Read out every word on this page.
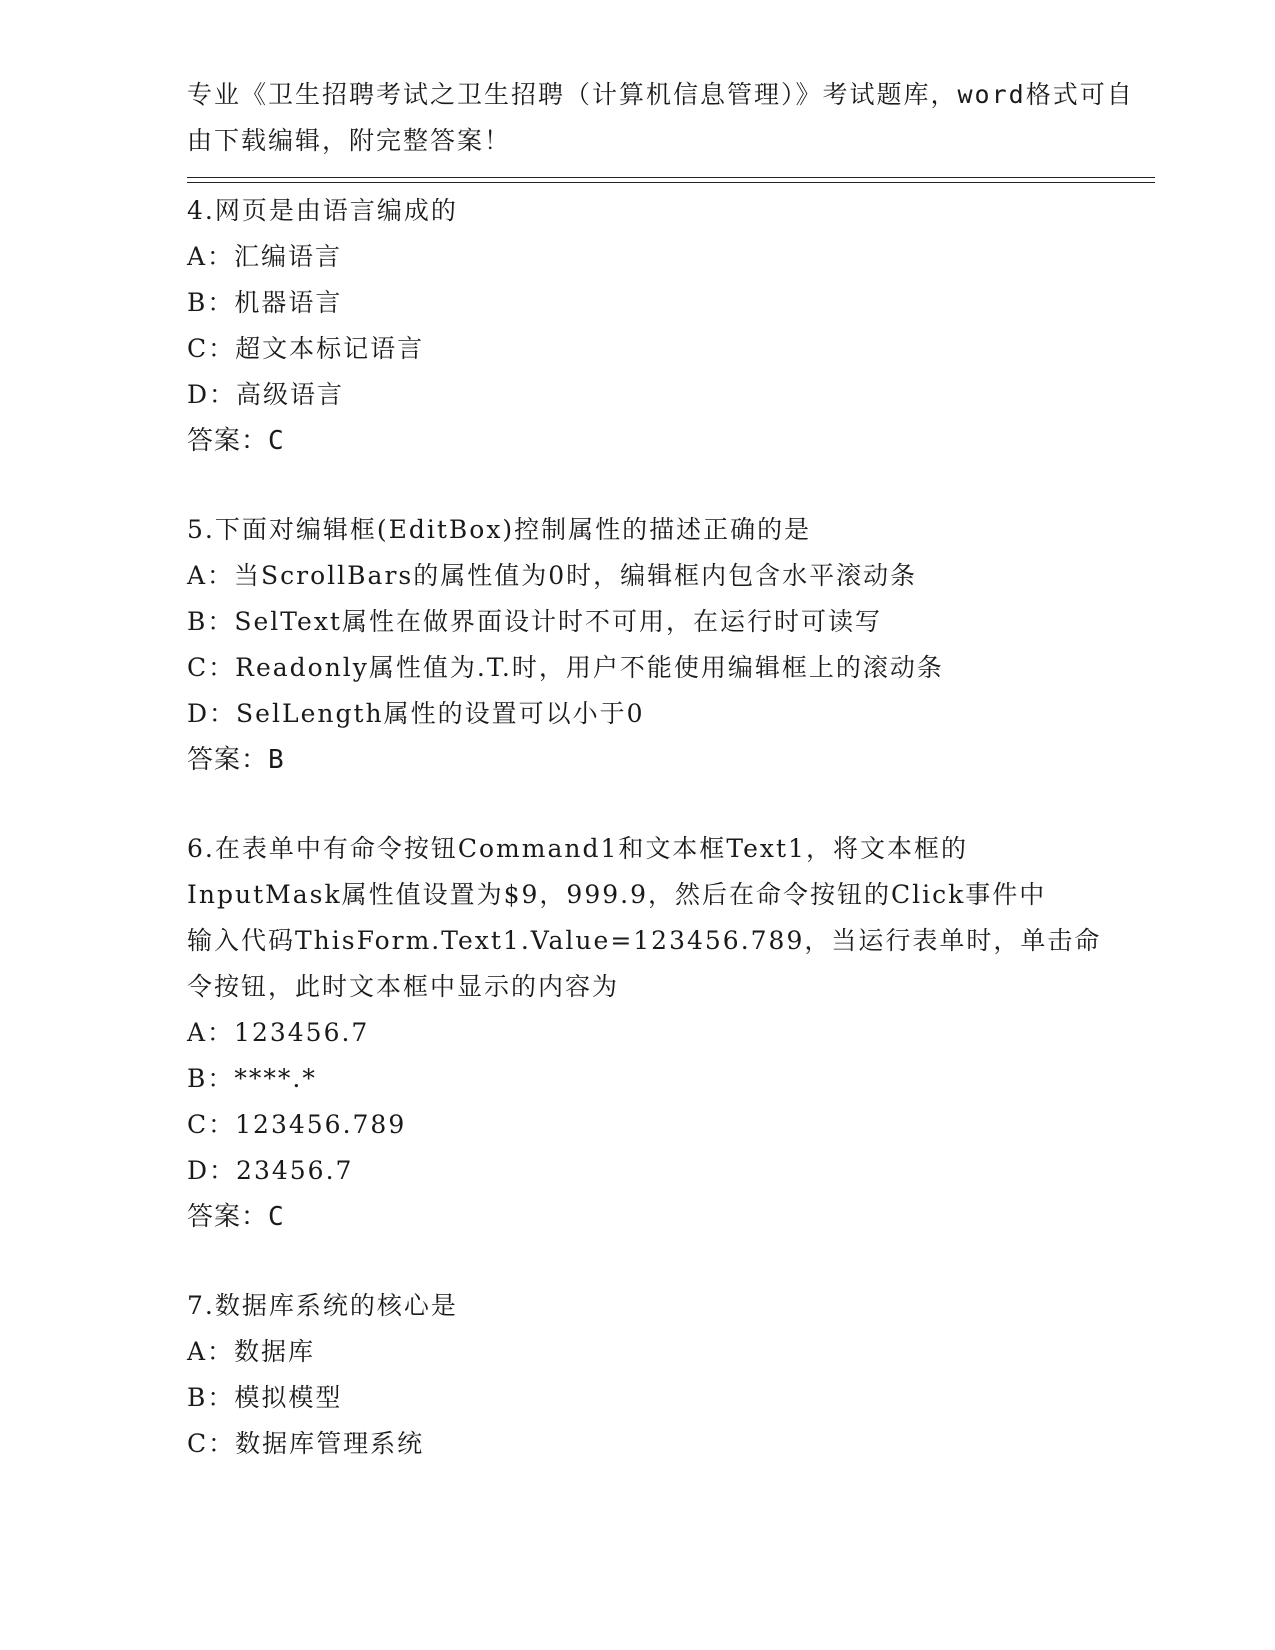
专业《卫生招聘考试之卫生招聘（计算机信息管理）》考试题库，word格式可自
由下载编辑，附完整答案！
4.网页是由语言编成的
A：汇编语言
B：机器语言
C：超文本标记语言
D：高级语言
答案：C
5.下面对编辑框(EditBox)控制属性的描述正确的是
A：当ScrollBars的属性值为0时，编辑框内包含水平滚动条
B：SelText属性在做界面设计时不可用，在运行时可读写
C：Readonly属性值为.T.时，用户不能使用编辑框上的滚动条
D：SelLength属性的设置可以小于0
答案：B
6.在表单中有命令按钮Command1和文本框Text1，将文本框的
InputMask属性值设置为$9，999.9，然后在命令按钮的Click事件中
输入代码ThisForm.Text1.Value=123456.789，当运行表单时，单击命
令按钮，此时文本框中显示的内容为
A：123456.7
B：****.*
C：123456.789
D：23456.7
答案：C
7.数据库系统的核心是
A：数据库
B：模拟模型
C：数据库管理系统
